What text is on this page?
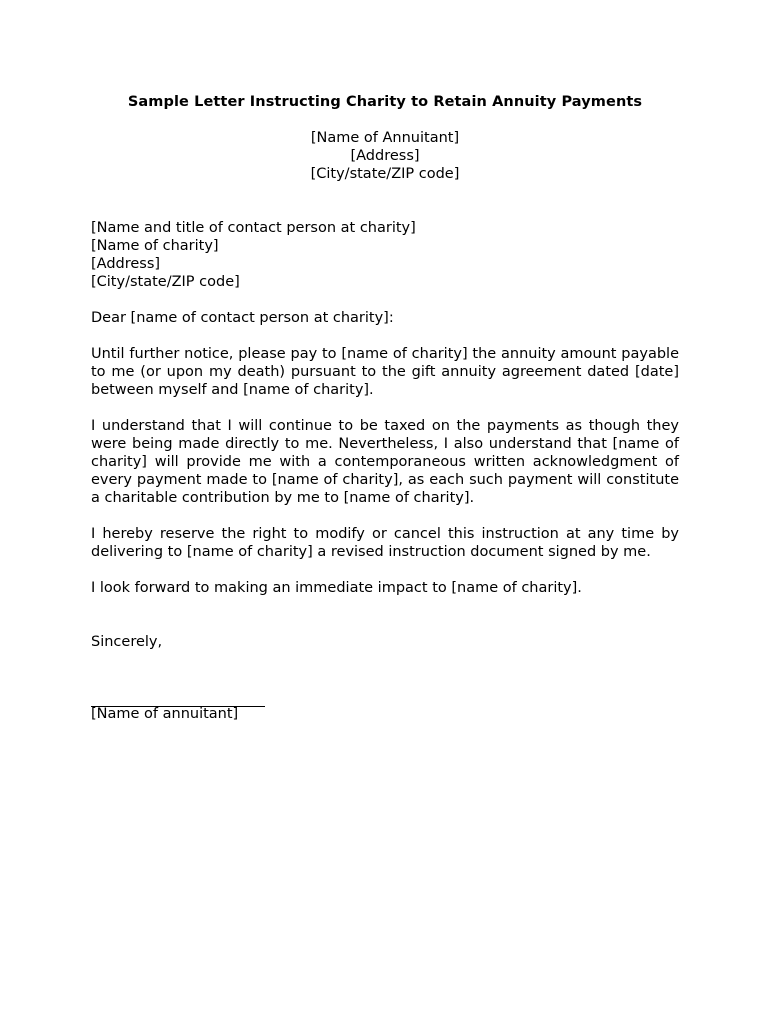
Sample Letter Instructing Charity to Retain Annuity Payments
[Name of Annuitant]
[Address]
[City/state/ZIP code]
[Name and title of contact person at charity]
[Name of charity]
[Address]
[City/state/ZIP code]
Dear [name of contact person at charity]:
Until further notice, please pay to [name of charity] the annuity amount payable to me (or upon my death) pursuant to the gift annuity agreement dated [date] between myself and [name of charity].
I understand that I will continue to be taxed on the payments as though they were being made directly to me. Nevertheless, I also understand that [name of charity] will provide me with a contemporaneous written acknowledgment of every payment made to [name of charity], as each such payment will constitute a charitable contribution by me to [name of charity].
I hereby reserve the right to modify or cancel this instruction at any time by delivering to [name of charity] a revised instruction document signed by me.
I look forward to making an immediate impact to [name of charity].
Sincerely,
[Name of annuitant]
